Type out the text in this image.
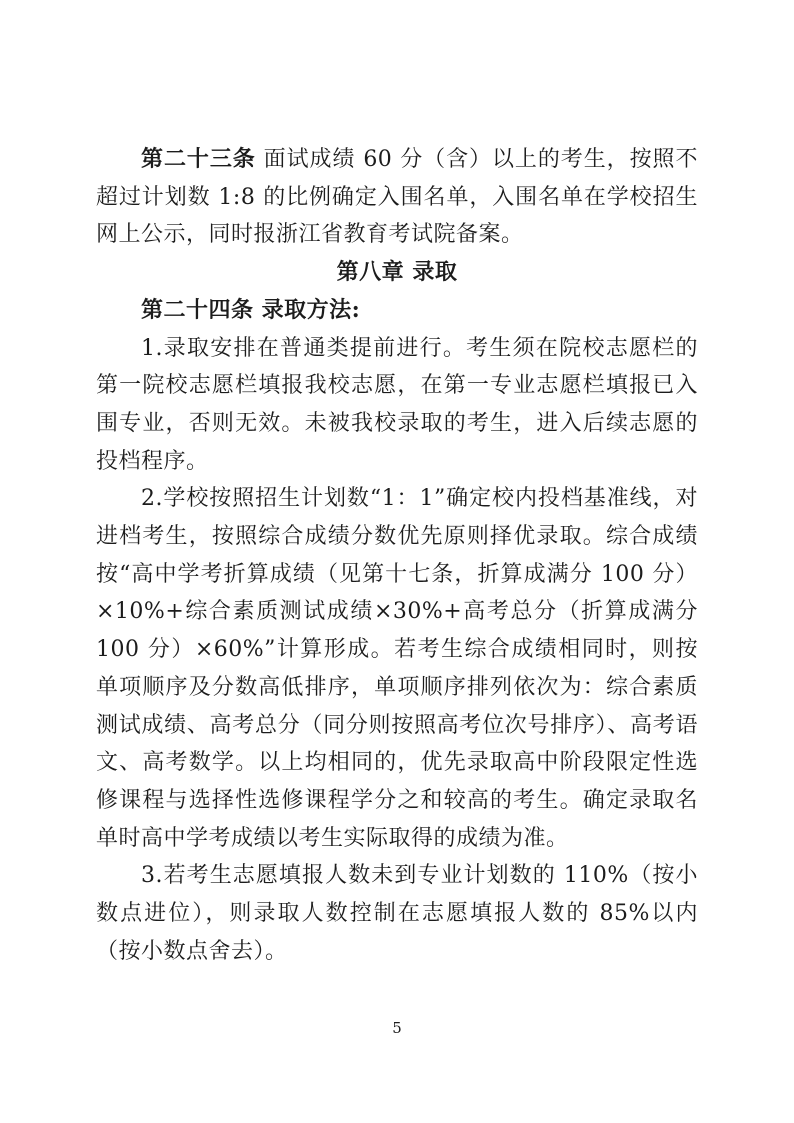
第二十三条 面试成绩 60 分（含）以上的考生，按照不超过计划数 1:8 的比例确定入围名单，入围名单在学校招生网上公示，同时报浙江省教育考试院备案。

第八章 录取

第二十四条 录取方法:

1.录取安排在普通类提前进行。考生须在院校志愿栏的第一院校志愿栏填报我校志愿，在第一专业志愿栏填报已入围专业，否则无效。未被我校录取的考生，进入后续志愿的投档程序。

2.学校按照招生计划数“1：1”确定校内投档基准线，对进档考生，按照综合成绩分数优先原则择优录取。综合成绩按“高中学考折算成绩（见第十七条，折算成满分 100 分）×10%+综合素质测试成绩×30%+高考总分（折算成满分 100 分）×60%”计算形成。若考生综合成绩相同时，则按单项顺序及分数高低排序，单项顺序排列依次为：综合素质测试成绩、高考总分（同分则按照高考位次号排序）、高考语文、高考数学。以上均相同的，优先录取高中阶段限定性选修课程与选择性选修课程学分之和较高的考生。确定录取名单时高中学考成绩以考生实际取得的成绩为准。

3.若考生志愿填报人数未到专业计划数的 110%（按小数点进位），则录取人数控制在志愿填报人数的 85%以内（按小数点舍去）。

5
